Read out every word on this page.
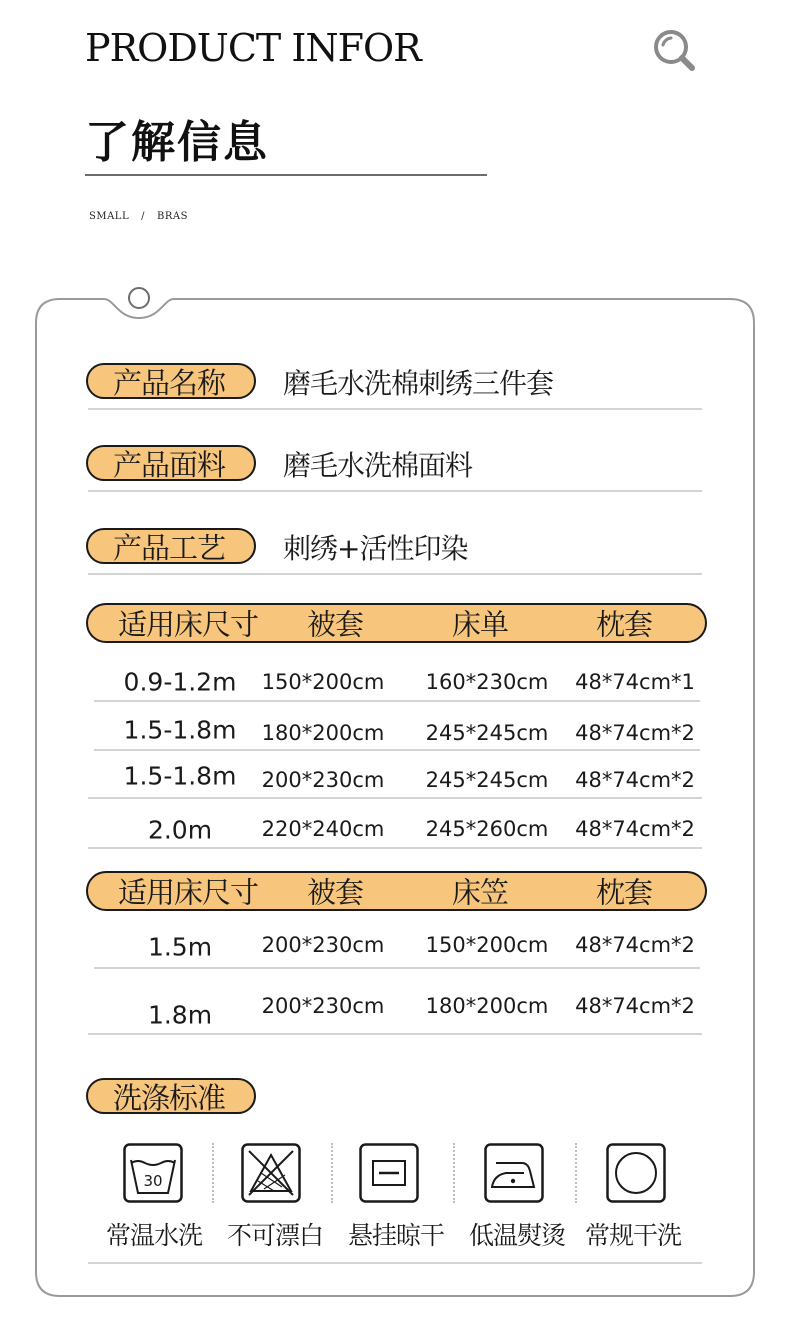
PRODUCT INFOR
了解信息
SMALL / BRAS
产品名称 磨毛水洗棉刺绣三件套
产品面料 磨毛水洗棉面料
产品工艺 刺绣+活性印染
适用床尺寸 被套	床单	枕套
0.9-1.2m 150*200cm 160*230cm 48*74cm*1
1.5-1.8m 180*200cm 245*245cm 48*74cm*2
1.5-1.8m 200*230cm 245*245cm 48*74cm*2
2.0m 220*240cm 245*260cm 48*74cm*2
适用床尺寸 被套	床笠	枕套
1.5m 200*230cm 150*200cm 48*74cm*2
1.8m 200*230cm 180*200cm 48*74cm*2
洗涤标准
30
常温水洗 不可漂白 悬挂晾干 低温熨烫 常规干洗
